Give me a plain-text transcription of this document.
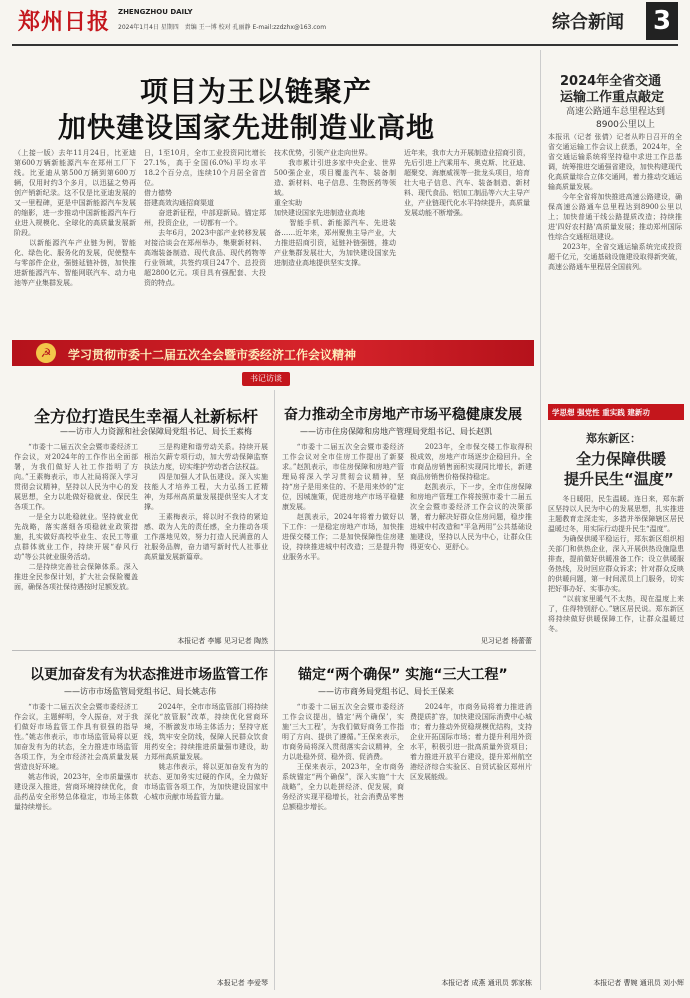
郑州日报 ZHENGZHOU DAILY
2024年1月4日 星期四　责编 王一博 校对 孔丽静 E-mail:zzdzhx@163.com	综合新闻 3
项目为王以链聚产
加快建设国家先进制造业高地
（上接一版）去年11月24日，比亚迪第600万辆新能源汽车在郑州工厂下线。比亚迪从第500万辆到第600万辆，仅用时约3个多月，以迅猛之势再创产销新纪录。这不仅是比亚迪发展的又一里程碑，更是中国新能源汽车发展的缩影，进一步推动中国新能源汽车行业进入规模化、全球化的高质量发展新阶段。
　　以新能源汽车产业链为例，智能化、绿色化、服务化的发展，促使整车与零部件企业，强链延链补链，加快推进新能源汽车、智能网联汽车、动力电池等产业集群发展。
日，1至10月，全市工业投资同比增长27.1%，高于全国(6.0%)平均水平18.2个百分点，连续10个月居全省首位。
借力德势
搭建高效沟通招商渠道
　　奋进新征程，中部迎新局。锚定郑州，投资企业，一切都有一个。
　　去年6月，2023中部产业转移发展对接洽谈会在郑州举办，集聚新材料、高端装备制造、现代食品、现代药物等行业领域，共签约项目247个、总投资超2800亿元。项目具有强配套、大投资的特点。
技术优势，引领产业走向世界。
　　我市累计引进多家中央企业、世界500强企业，项目覆盖汽车、装备制造、新材料、电子信息、生物医药等领域。
重全实助
加快建设国家先进制造业高地
　　智能手机、新能源汽车、先进装备……近年来，郑州聚焦主导产业，大力推进招商引资，延链补链强链，推动产业集群发展壮大，为加快建设国家先进制造业高地提供坚实支撑。
近年来，我市大力开展制造业招商引资，先后引进上汽乘用车、奥克斯、比亚迪、超聚变、海康威视等一批龙头项目，培育壮大电子信息、汽车、装备制造、新材料、现代食品、铝加工制品等六大主导产业，产业链现代化水平持续提升，高质量发展动能不断增强。
2024年全省交通
运输工作重点敲定
高速公路通车总里程达到
8900公里以上
本报讯（记者 张倩）记者从昨日召开的全省交通运输工作会议上获悉，2024年，全省交通运输系统将坚持稳中求进工作总基调，统筹推进交通强省建设，加快构建现代化高质量综合立体交通网，着力推动交通运输高质量发展。
　　今年全省将加快推进高速公路建设，确保高速公路通车总里程达到8900公里以上；加快普通干线公路提质改造；持续推进'四好农村路'高质量发展；推动郑州国际性综合交通枢纽建设。
　　2023年，全省交通运输系统完成投资超千亿元，交通基础设施建设取得新突破，高速公路通车里程居全国前列。
☭	学习贯彻市委十二届五次全会暨市委经济工作会议精神
书记访谈
全方位打造民生幸福人社新标杆
——访市人力资源和社会保障局党组书记、局长王素梅
　　“市委十二届五次全会暨市委经济工作会议，对2024年的工作作出全面部署，为我们做好人社工作指明了方向。”王素梅表示，市人社局将深入学习贯彻会议精神，坚持以人民为中心的发展思想，全力以赴做好稳就业、保民生各项工作。
　　一是全力以赴稳就业。坚持就业优先战略，落实落细各项稳就业政策措施，扎实做好高校毕业生、农民工等重点群体就业工作，持续开展“春风行动”等公共就业服务活动。
　　二是持续完善社会保障体系。深入推进全民参保计划，扩大社会保险覆盖面，确保各项社保待遇按时足额发放。
　　三是构建和谐劳动关系。持续开展根治欠薪专项行动，加大劳动保障监察执法力度，切实维护劳动者合法权益。
　　四是加强人才队伍建设。深入实施技能人才培养工程，大力弘扬工匠精神，为郑州高质量发展提供坚实人才支撑。
　　王素梅表示，将以时不我待的紧迫感、敢为人先的责任感，全力推动各项工作落地见效，努力打造人民满意的人社服务品牌，奋力谱写新时代人社事业高质量发展新篇章。
本报记者 李娜 见习记者 陶然
奋力推动全市房地产市场平稳健康发展
——访市住房保障和房地产管理局党组书记、局长赵凯
　　“市委十二届五次全会暨市委经济工作会议对全市住房工作提出了新要求。”赵凯表示，市住房保障和房地产管理局将深入学习贯彻会议精神，坚持“房子是用来住的、不是用来炒的”定位，因城施策，促进房地产市场平稳健康发展。
　　赵凯表示，2024年将着力做好以下工作：一是稳定房地产市场，加快推进保交楼工作；二是加快保障性住房建设，持续推进城中村改造；三是提升物业服务水平。
　　2023年，全市保交楼工作取得积极成效，房地产市场逐步企稳回升。全市商品房销售面积实现同比增长，新建商品房销售价格保持稳定。
　　赵凯表示，下一步，全市住房保障和房地产管理工作将按照市委十二届五次全会暨市委经济工作会议的决策部署，着力解决好群众住房问题，稳步推进城中村改造和“平急两用”公共基础设施建设，坚持以人民为中心，让群众住得更安心、更舒心。
见习记者 杨蕾蕾
以更加奋发有为状态推进市场监管工作
——访市市场监管局党组书记、局长姚志伟
　　“市委十二届五次全会暨市委经济工作会议，主题鲜明，令人振奋，对于我们做好市场监管工作具有很强的指导性。”姚志伟表示，市市场监管局将以更加奋发有为的状态，全力推进市场监管各项工作，为全市经济社会高质量发展营造良好环境。
　　姚志伟说，2023年，全市质量强市建设深入推进，营商环境持续优化，食品药品安全形势总体稳定，市场主体数量持续增长。
　　2024年，全市市场监管部门将持续深化“放管服”改革，持续优化营商环境，不断激发市场主体活力；坚持守底线，筑牢安全防线，保障人民群众饮食用药安全；持续推进质量强市建设，助力郑州高质量发展。
　　姚志伟表示，将以更加奋发有为的状态、更加务实过硬的作风，全力做好市场监管各项工作，为加快建设国家中心城市贡献市场监管力量。
本报记者 李爱琴
锚定“两个确保” 实施“三大工程”
——访市商务局党组书记、局长王保来
　　“市委十二届五次全会暨市委经济工作会议提出，锚定‘两个确保’，实施‘三大工程’，为我们做好商务工作指明了方向、提供了遵循。”王保来表示，市商务局将深入贯彻落实会议精神，全力以赴稳外贸、稳外资、促消费。
　　王保来表示，2023年，全市商务系统锚定“两个确保”，深入实施“十大战略”，全力以赴拼经济、促发展，商务经济实现平稳增长，社会消费品零售总额稳步增长。
　　2024年，市商务局将着力推进消费提质扩容，加快建设国际消费中心城市；着力推动外贸稳规模优结构，支持企业开拓国际市场；着力提升利用外资水平，积极引进一批高质量外资项目；着力推进开放平台建设，提升郑州航空港经济综合实验区、自贸试验区郑州片区发展能级。
本报记者 成燕 通讯员 郭家栋
学思想 强党性 重实践 建新功
郑东新区：
全力保障供暖
提升民生“温度”
　　冬日暖阳，民生温暖。连日来，郑东新区坚持以人民为中心的发展思想，扎实推进主题教育走深走实，多措并举保障辖区居民温暖过冬，用实际行动提升民生“温度”。
　　为确保供暖平稳运行，郑东新区组织相关部门和供热企业，深入开展供热设施隐患排查，提前做好供暖准备工作；设立供暖服务热线，及时回应群众诉求；针对群众反映的供暖问题，第一时间派员上门服务，切实把好事办好、实事办实。
　　“以前家里暖气不太热，现在温度上来了，住得特别舒心。”辖区居民说。郑东新区将持续做好供暖保障工作，让群众温暖过冬。
本报记者 曹婉 通讯员 刘小辉
